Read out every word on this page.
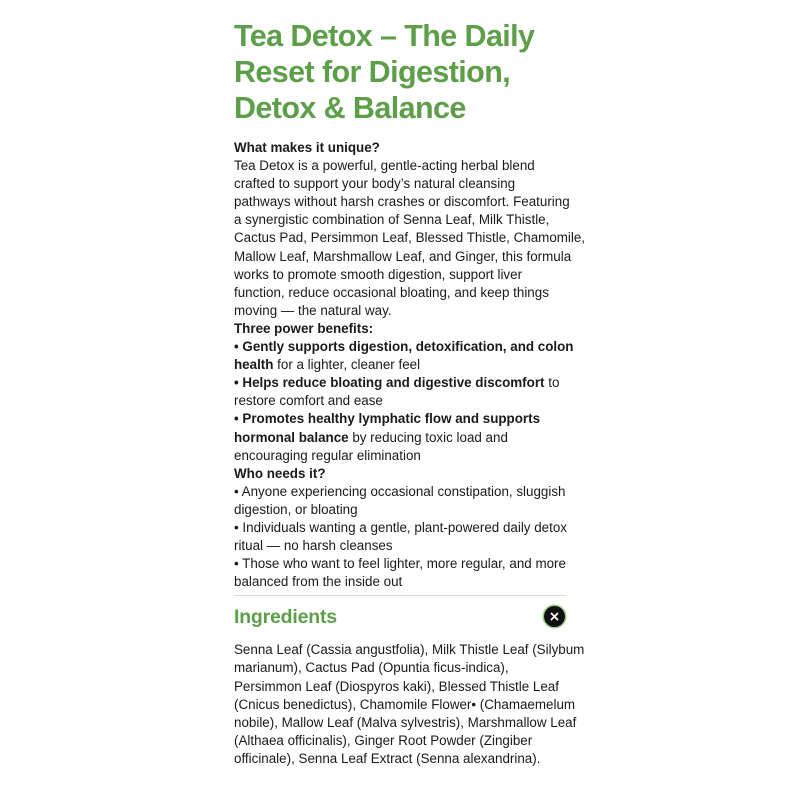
Tea Detox – The Daily
Reset for Digestion,
Detox & Balance
What makes it unique?
Tea Detox is a powerful, gentle-acting herbal blend
crafted to support your body’s natural cleansing
pathways without harsh crashes or discomfort. Featuring
a synergistic combination of Senna Leaf, Milk Thistle,
Cactus Pad, Persimmon Leaf, Blessed Thistle, Chamomile,
Mallow Leaf, Marshmallow Leaf, and Ginger, this formula
works to promote smooth digestion, support liver
function, reduce occasional bloating, and keep things
moving — the natural way.
Three power benefits:
• Gently supports digestion, detoxification, and colon
health for a lighter, cleaner feel
• Helps reduce bloating and digestive discomfort to
restore comfort and ease
• Promotes healthy lymphatic flow and supports
hormonal balance by reducing toxic load and
encouraging regular elimination
Who needs it?
• Anyone experiencing occasional constipation, sluggish
digestion, or bloating
• Individuals wanting a gentle, plant-powered daily detox
ritual — no harsh cleanses
• Those who want to feel lighter, more regular, and more
balanced from the inside out
Ingredients
Senna Leaf (Cassia angustfolia), Milk Thistle Leaf (Silybum
marianum), Cactus Pad (Opuntia ficus-indica),
Persimmon Leaf (Diospyros kaki), Blessed Thistle Leaf
(Cnicus benedictus), Chamomile Flower• (Chamaemelum
nobile), Mallow Leaf (Malva sylvestris), Marshmallow Leaf
(Althaea officinalis), Ginger Root Powder (Zingiber
officinale), Senna Leaf Extract (Senna alexandrina).
